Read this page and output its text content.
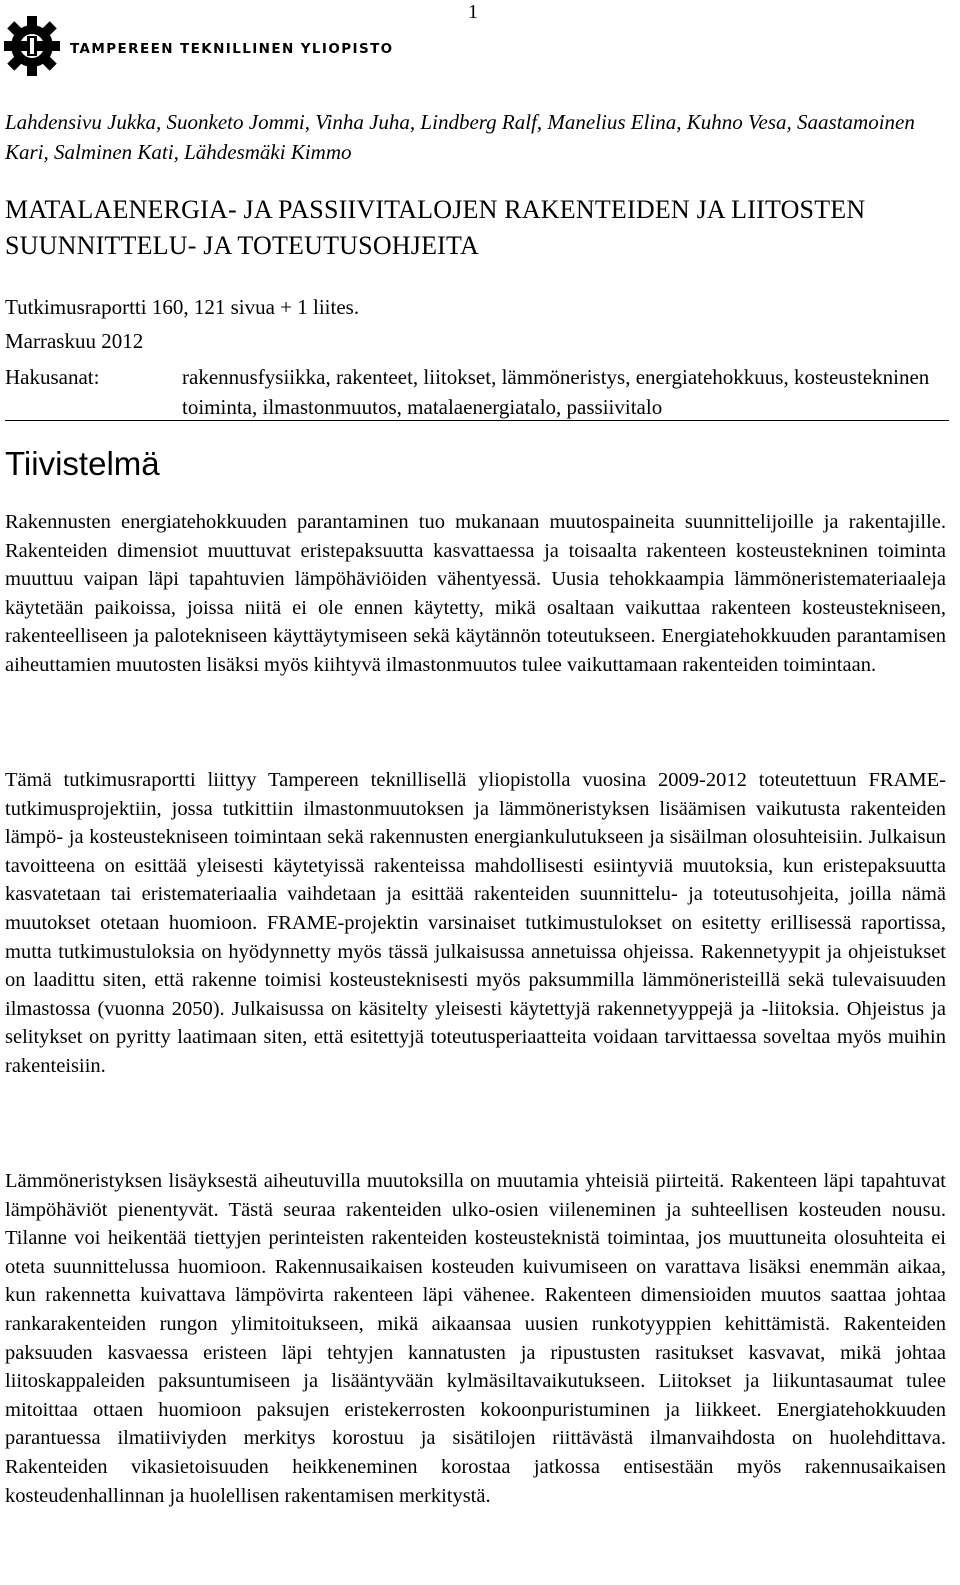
1
TAMPEREEN TEKNILLINEN YLIOPISTO
Lahdensivu Jukka, Suonketo Jommi, Vinha Juha, Lindberg Ralf, Manelius Elina, Kuhno Vesa, Saastamoinen Kari, Salminen Kati, Lähdesmäki Kimmo
MATALAENERGIA- JA PASSIIVITALOJEN RAKENTEIDEN JA LIITOSTEN SUUNNITTELU- JA TOTEUTUSOHJEITA
Tutkimusraportti 160, 121 sivua + 1 liites.
Marraskuu 2012
Hakusanat:	rakennusfysiikka, rakenteet, liitokset, lämmöneristys, energiatehokkuus, kosteustekninen toiminta, ilmastonmuutos, matalaenergiatalo, passiivitalo
Tiivistelmä

Rakennusten energiatehokkuuden parantaminen tuo mukanaan muutospaineita suunnittelijoille ja rakentajille. Rakenteiden dimensiot muuttuvat eristepaksuutta kasvattaessa ja toisaalta rakenteen kosteustekninen toiminta muuttuu vaipan läpi tapahtuvien lämpöhäviöiden vähentyessä. Uusia tehokkaampia lämmöneristemateriaaleja käytetään paikoissa, joissa niitä ei ole ennen käytetty, mikä osaltaan vaikuttaa rakenteen kosteustekniseen, rakenteelliseen ja palotekniseen käyttäytymiseen sekä käytännön toteutukseen. Energiatehokkuuden parantamisen aiheuttamien muutosten lisäksi myös kiihtyvä ilmastonmuutos tulee vaikuttamaan rakenteiden toimintaan.

Tämä tutkimusraportti liittyy Tampereen teknillisellä yliopistolla vuosina 2009-2012 toteutettuun FRAME-tutkimusprojektiin, jossa tutkittiin ilmastonmuutoksen ja lämmöneristyksen lisäämisen vaikutusta rakenteiden lämpö- ja kosteustekniseen toimintaan sekä rakennusten energiankulutukseen ja sisäilman olosuhteisiin. Julkaisun tavoitteena on esittää yleisesti käytetyissä rakenteissa mahdollisesti esiintyviä muutoksia, kun eristepaksuutta kasvatetaan tai eristemateriaalia vaihdetaan ja esittää rakenteiden suunnittelu- ja toteutusohjeita, joilla nämä muutokset otetaan huomioon. FRAME-projektin varsinaiset tutkimustulokset on esitetty erillisessä raportissa, mutta tutkimustuloksia on hyödynnetty myös tässä julkaisussa annetuissa ohjeissa. Rakennetyypit ja ohjeistukset on laadittu siten, että rakenne toimisi kosteusteknisesti myös paksummilla lämmöneristeillä sekä tulevaisuuden ilmastossa (vuonna 2050). Julkaisussa on käsitelty yleisesti käytettyjä rakennetyyppejä ja -liitoksia. Ohjeistus ja selitykset on pyritty laatimaan siten, että esitettyjä toteutusperiaatteita voidaan tarvittaessa soveltaa myös muihin rakenteisiin.

Lämmöneristyksen lisäyksestä aiheutuvilla muutoksilla on muutamia yhteisiä piirteitä. Rakenteen läpi tapahtuvat lämpöhäviöt pienentyvät. Tästä seuraa rakenteiden ulko-osien viileneminen ja suhteellisen kosteuden nousu. Tilanne voi heikentää tiettyjen perinteisten rakenteiden kosteusteknistä toimintaa, jos muuttuneita olosuhteita ei oteta suunnittelussa huomioon. Rakennusaikaisen kosteuden kuivumiseen on varattava lisäksi enemmän aikaa, kun rakennetta kuivattava lämpövirta rakenteen läpi vähenee. Rakenteen dimensioiden muutos saattaa johtaa rankarakenteiden rungon ylimitoitukseen, mikä aikaansaa uusien runkotyyppien kehittämistä. Rakenteiden paksuuden kasvaessa eristeen läpi tehtyjen kannatusten ja ripustusten rasitukset kasvavat, mikä johtaa liitoskappaleiden paksuntumiseen ja lisääntyvään kylmäsiltavaikutukseen. Liitokset ja liikuntasaumat tulee mitoittaa ottaen huomioon paksujen eristekerrosten kokoonpuristuminen ja liikkeet. Energiatehokkuuden parantuessa ilmatiiviyden merkitys korostuu ja sisätilojen riittävästä ilmanvaihdosta on huolehdittava. Rakenteiden vikasietoisuuden heikkeneminen korostaa jatkossa entisestään myös rakennusaikaisen kosteudenhallinnan ja huolellisen rakentamisen merkitystä.
